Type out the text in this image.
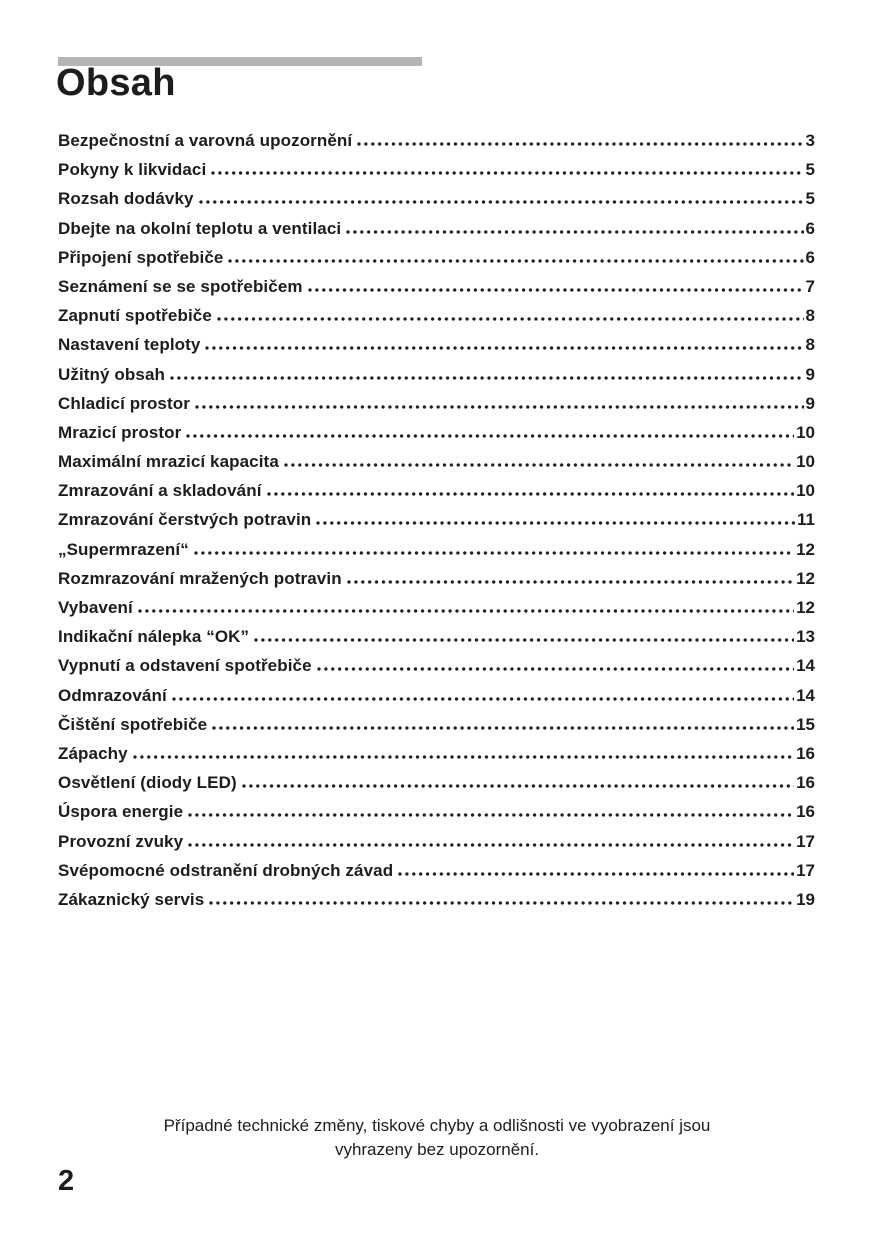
Obsah
Bezpečnostní a varovná upozornění	3
Pokyny k likvidaci	5
Rozsah dodávky	5
Dbejte na okolní teplotu a ventilaci	6
Připojení spotřebiče	6
Seznámení se se spotřebičem	7
Zapnutí spotřebiče	8
Nastavení teploty	8
Užitný obsah	9
Chladicí prostor	9
Mrazicí prostor	10
Maximální mrazicí kapacita	10
Zmrazování a skladování	10
Zmrazování čerstvých potravin	11
„Supermrazení“	12
Rozmrazování mražených potravin	12
Vybavení	12
Indikační nálepka “OK”	13
Vypnutí a odstavení spotřebiče	14
Odmrazování	14
Čištění spotřebiče	15
Zápachy	16
Osvětlení (diody LED)	16
Úspora energie	16
Provozní zvuky	17
Svépomocné odstranění drobných závad	17
Zákaznický servis	19
Případné technické změny, tiskové chyby a odlišnosti ve vyobrazení jsou
vyhrazeny bez upozornění.
2
